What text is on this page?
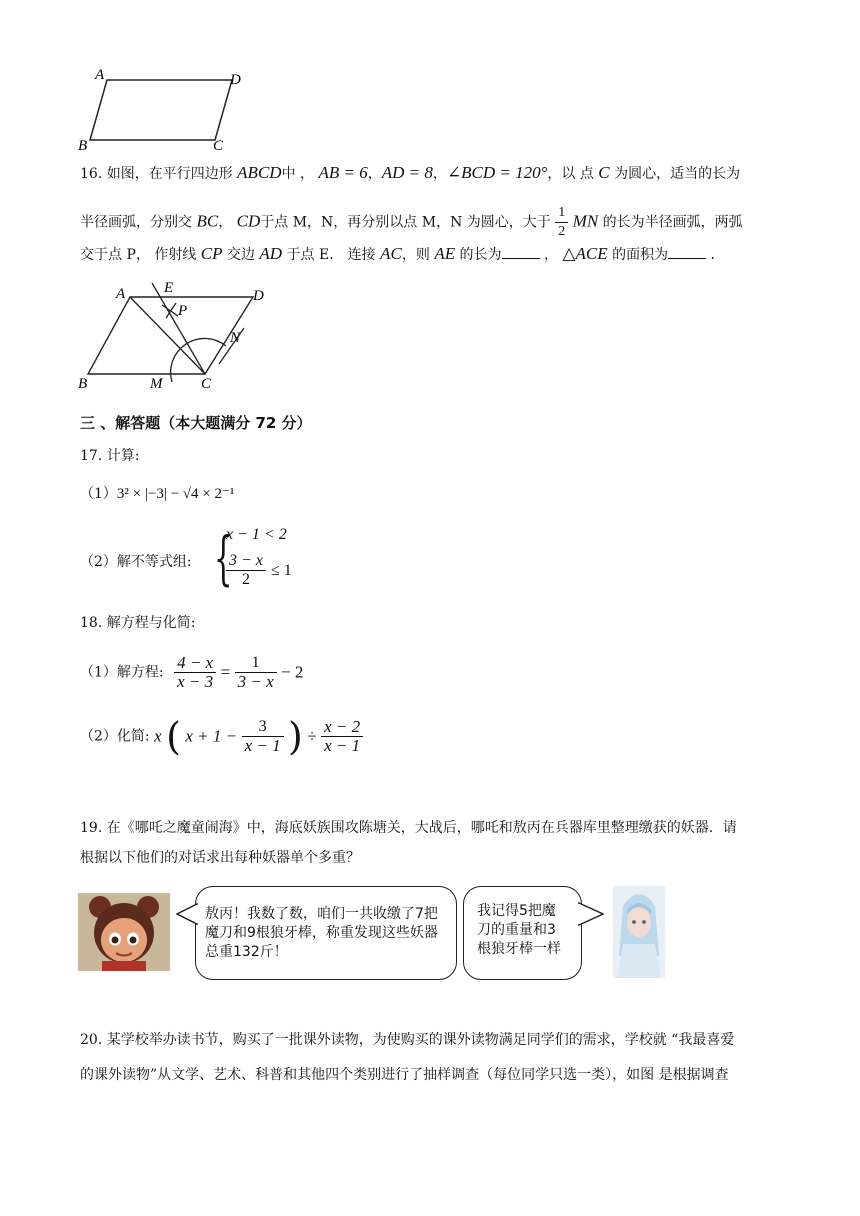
A	D
B	C
16. 如图，在平行四边形 ABCD中 ， AB = 6，AD = 8，∠BCD = 120°，以 点 C 为圆心，适当的长为
半径画弧，分别交 BC， CD于点 M，N，再分别以点 M，N 为圆心，大于 $\frac{1}{2}$ MN 的长为半径画弧，两弧
交于点 P， 作射线 CP 交边 AD 于点 E． 连接 AC，则 AE 的长为	， △ACE 的面积为	．
A	E
P
D
N
B	M	C
三 、解答题（本大题满分 72 分）
17. 计算:
（1）3² × |−3| − √4 × 2⁻¹
（2）解不等式组: {
x − 1 < 2
$\frac{3 - x}{2} \le 1$
18. 解方程与化简:
（1）解方程: $\frac{4 - x}{x - 3} = \frac{1}{3 - x} - 2$
（2）化简: x ( $x + 1 - \frac{3}{x - 1}$ ) ÷ $\frac{x - 2}{x - 1}$
19. 在《哪吒之魔童闹海》中，海底妖族围攻陈塘关，大战后，哪吒和敖丙在兵器库里整理缴获的妖器．请
根据以下他们的对话求出每种妖器单个多重？
敖丙！我数了数，咱们一共收缴了7把
魔刀和9根狼牙棒，称重发现这些妖器
总重132斤！
我记得5把魔
刀的重量和3
根狼牙棒一样
20. 某学校举办读书节，购买了一批课外读物，为使购买的课外读物满足同学们的需求，学校就 “我最喜爱
的课外读物”从文学、艺术、科普和其他四个类别进行了抽样调查（每位同学只选一类），如图 是根据调查
